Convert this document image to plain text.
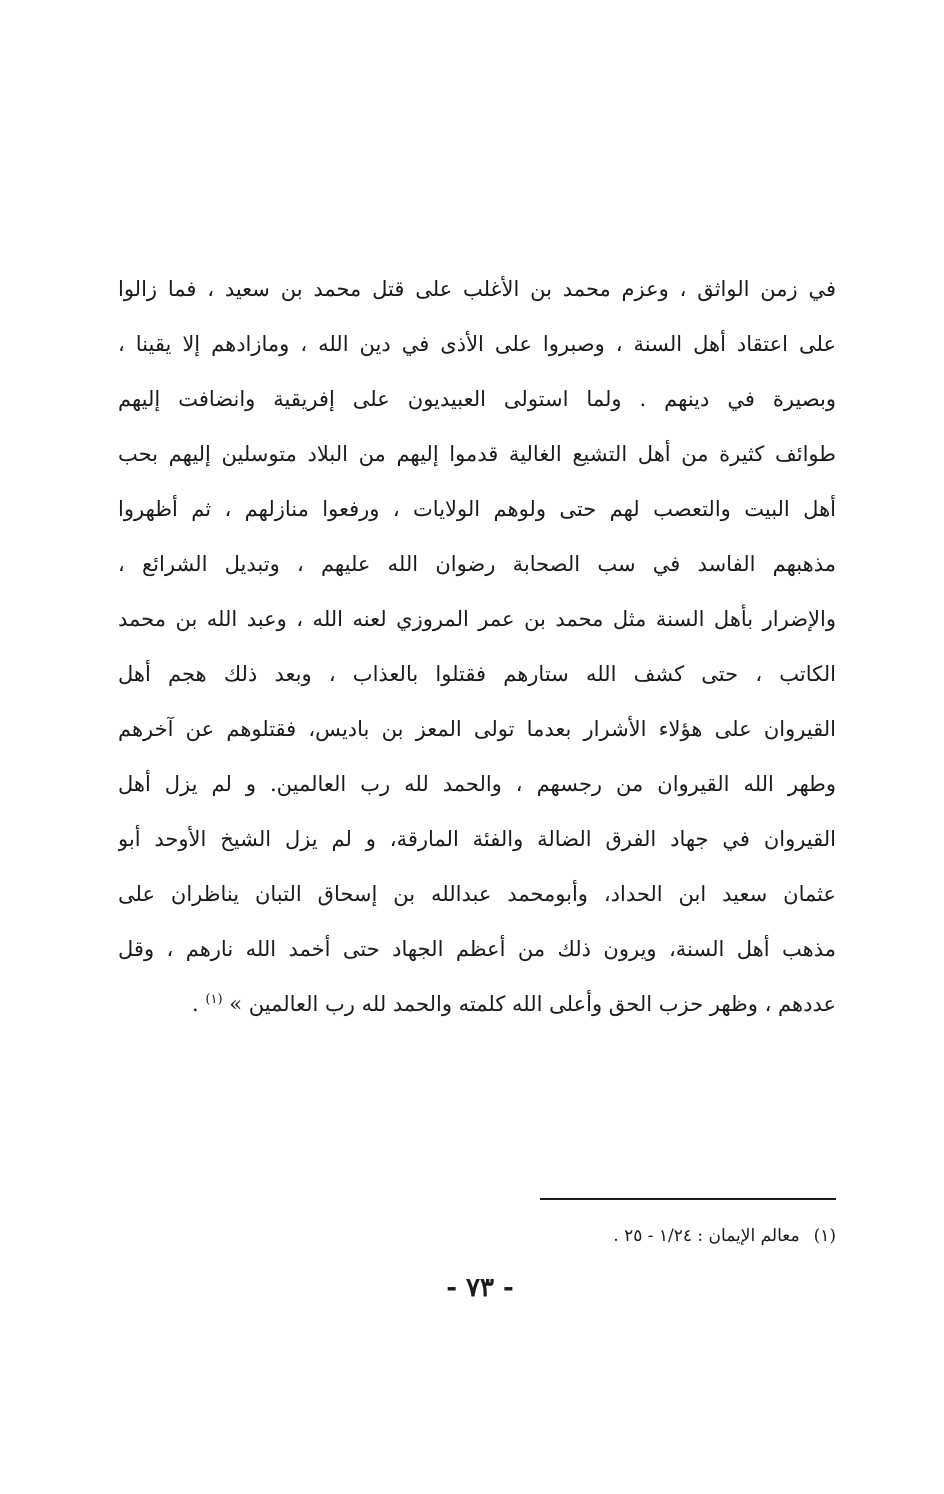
في زمن الواثق ، وعزم محمد بن الأغلب على قتل محمد بن سعيد ، فما زالوا
على اعتقاد أهل السنة ، وصبروا على الأذى في دين الله ، ومازادهم إلا يقينا ،
وبصيرة في دينهم . ولما استولى العبيديون على إفريقية وانضافت إليهم
طوائف كثيرة من أهل التشيع الغالية قدموا إليهم من البلاد متوسلين إليهم بحب
أهل البيت والتعصب لهم حتى ولوهم الولايات ، ورفعوا منازلهم ، ثم أظهروا
مذهبهم الفاسد في سب الصحابة رضوان الله عليهم ، وتبديل الشرائع ،
والإضرار بأهل السنة مثل محمد بن عمر المروزي لعنه الله ، وعبد الله بن محمد
الكاتب ، حتى كشف الله ستارهم فقتلوا بالعذاب ، وبعد ذلك هجم أهل
القيروان على هؤلاء الأشرار بعدما تولى المعز بن باديس، فقتلوهم عن آخرهم
وطهر الله القيروان من رجسهم ، والحمد لله رب العالمين. و لم يزل أهل
القيروان في جهاد الفرق الضالة والفئة المارقة، و لم يزل الشيخ الأوحد أبو
عثمان سعيد ابن الحداد، وأبومحمد عبدالله بن إسحاق التبان يناظران على
مذهب أهل السنة، ويرون ذلك من أعظم الجهاد حتى أخمد الله نارهم ، وقل
عددهم ، وظهر حزب الحق وأعلى الله كلمته والحمد لله رب العالمين » $^{(١)}$ .
(١)معالم الإيمان : ١/٢٤ - ٢٥ .
- ٧٣ -
